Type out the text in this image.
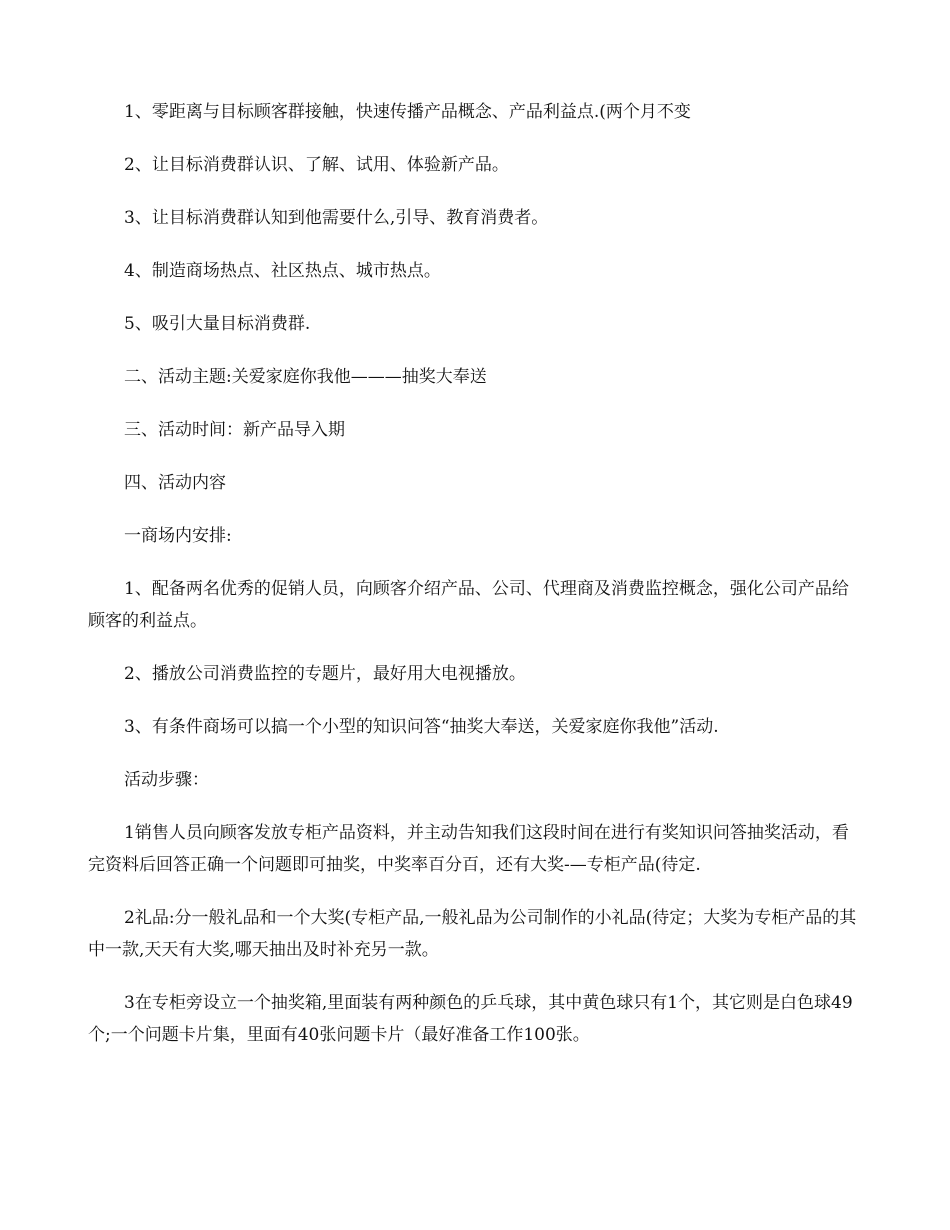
1、零距离与目标顾客群接触，快速传播产品概念、产品利益点.(两个月不变

2、让目标消费群认识、了解、试用、体验新产品。

3、让目标消费群认知到他需要什么,引导、教育消费者。

4、制造商场热点、社区热点、城市热点。

5、吸引大量目标消费群.

二、活动主题:关爱家庭你我他———抽奖大奉送

三、活动时间：新产品导入期

四、活动内容

一商场内安排:

1、配备两名优秀的促销人员，向顾客介绍产品、公司、代理商及消费监控概念，强化公司产品给顾客的利益点。

2、播放公司消费监控的专题片，最好用大电视播放。

3、有条件商场可以搞一个小型的知识问答“抽奖大奉送，关爱家庭你我他”活动.

活动步骤：

1销售人员向顾客发放专柜产品资料，并主动告知我们这段时间在进行有奖知识问答抽奖活动，看完资料后回答正确一个问题即可抽奖，中奖率百分百，还有大奖-—专柜产品(待定.

2礼品:分一般礼品和一个大奖(专柜产品,一般礼品为公司制作的小礼品(待定；大奖为专柜产品的其中一款,天天有大奖,哪天抽出及时补充另一款。

3在专柜旁设立一个抽奖箱,里面装有两种颜色的乒乓球，其中黄色球只有1个，其它则是白色球49个;一个问题卡片集，里面有40张问题卡片（最好准备工作100张。
